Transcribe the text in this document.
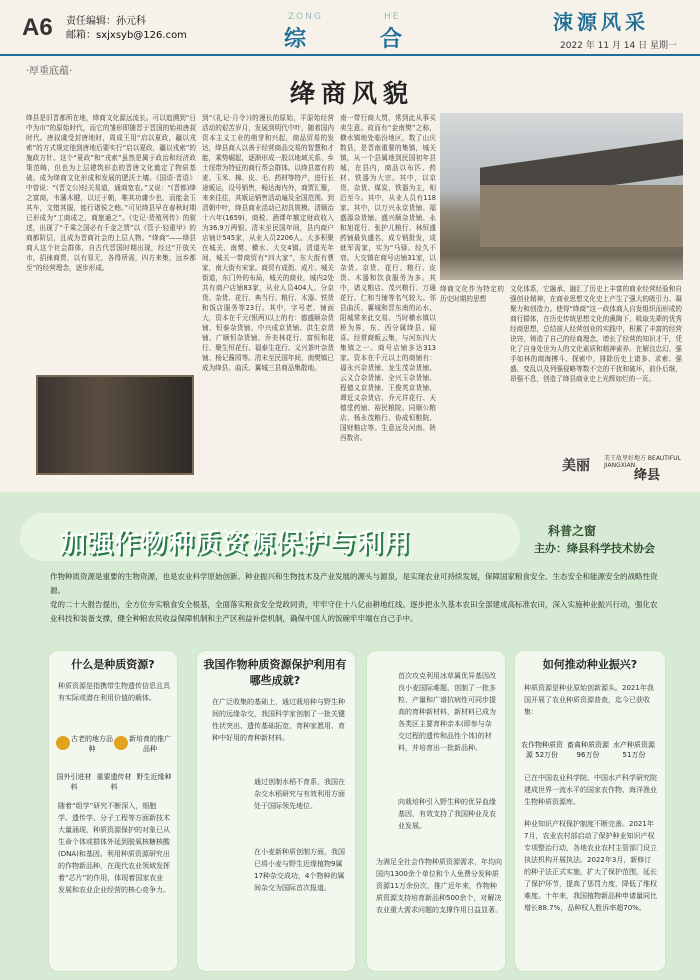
A6 责任编辑：孙元科
邮箱：sxjxsyb@126.com
ZONG	HE
综	合
涑源风采
2022 年 11 月 14 日 星期一
·厚重底蕴·
绛商风貌
绛县是旧晋都所在地，绛商文化源远流长。可以追溯到“日中为市”的原始时代，而它的雏形即随晋于晋国的始祖唐叔时代。唐叔虞受封唐地时，周成王用“启以夏政，疆以戎索”的方式规定他到唐地后要实行“启以夏政，疆以戎索”的施政方针。这个“夏政”和“戎索”虽然是属于政治和经济政策范畴，但也为上层建筑形态的晋唐文化奠定了物质基础，成为绛商文化形成和发展的肥沃土壤。《国语·晋语》中曾说：“(晋文公)轻关易道，通商宽农。”又说：“(晋都)绛之富商，韦藩木楗，以过于朝，唯其功庸少也，而能金玉其车，文错其服，能行诸侯之贿。”可见绛县早在春秋时期已形成为“工商成之，商旅通之”。《史记·货殖列传》的叙述，出现了“千乘之国必有千金之贾”以《管子·轻重甲》的商都阶层，且成为晋商社会的上层人物。“绛商”——绛县商人这个社会群体，自古代晋国时期出现，经过“开放关市，招徕商贾，以有易无，各得所需，四方来集，远乡都至”的经营理念，逐步形成。
到“《礼记·月令》)的漫长的原始，平原始经营活动的艰苦岁月，发展到明代中叶，随着国内资本主义工业的萌芽和兴起，商品贸易的发达，绛县商人以善于经营商品交易的智慧和才能，乘势崛起，逐渐形成一股以地域关系、乡土纽带为特征的商行帮会群体。以绛县富有的麦、玉米、棉、皮、毛、药材等特产，进行长途贩运，设号销售，畅达海内外，商贾汇聚，来来往往，其贩运销售活动遍及全国范围。到清朝中叶，绛县商业活动已初具规模。清顺治十六年(1659)，商税、酒课年额定财政收入为36.9万两银。清末至民国年间，县内商户店铺计545家，从业人员2206人。大多积聚在城关、南樊、横水、大交4镇。清道光年间，城关一带商贸有“四大家”，东大街有曹家，南大街有宋家。商贸有成街、成片。城关街道，东门外的布局，城关的商业，城内2处共有商户店铺83家，从业人员404人。分京货、杂货、花行、典当行、粮行、木器、铁货和饭店服务等23行。其中，字号老、铺面大，资本在千元(银两)以上的有：德盛顺杂货铺、恒泰杂货铺、中兴成京货铺、洪生京货铺、广顺恒杂货铺、乔美林花行、富恒和花行、聚生恒花行、福泰生花行、义兴茶叶杂货铺、杨记酱园等。清末至民国年间，南樊镇已成为绛县、曲沃、翼城三县商品集散地。
南一带行商大贾，常到此从事买卖生意。故而有“金南樊”之称，横水镇地处临汾地区，数了山庆数县，是晋南重要的集镇，城关镇，从一个县属地到民国初年县城，在县内，商品以布匹、药材、铁器为大宗。其中，以京货、杂货、煤炭、铁器为主，相沿至今。其中，从业人员有118家。其中，以万兴永京货铺、福盛源杂货铺、盛兴顺杂货铺、永和旭花行、张护儿粮行、林恒盛药铺最负盛名，成专销批发，成就军需家，实为“马驿。经久不衰。大交镇在商号店铺31家，以杂货、京货、花行、粮行、皮货、木器和饮食服务为多。其中，诸义粮店、茂兴粮行、万通花行、仁和当铺等名气较大。邻县曲沃、翼城和晋东南的沁水、阳城常来此交易。当时横水镇以桥为界，东、西分属绛县、闻喜。经常商贩云集，与河东四大集镇之一。商号店铺多达313家。资本在千元以上的商铺有：福永兴杂货铺、龙生茂杂货铺、云义合杂货铺、全兴玉杂货铺、程德义京货铺、王俊英京货铺、谭近义杂货店、乔元祥花行、天德堂药铺、裕民粮院、同顺公粮店、杨永茂粮行、协成恒粮院、国财粮店等。生意远及河南、陕西数省。
文化体系，它融承、融汇了历史上丰富的商业经营经验和自强创业精神，在商业思想文化史上产生了强大的吸引力、凝聚力和创造力。使得“绛商”这一政体商人自发组织而形成的商行群体，在历史传统思想文化的熏陶下，吸取先辈的优秀经商思想，总结前人经营创业的实践中，积累了丰富的经营诀窍，铸造了自己的经商理念，增长了经营的知识才干，凭化了自身处世为人的文化素质和精神素养。在解良忠幻、强手如林的商海搏斗、探索中，排除历史上诸多、求索、强盛、变乱以及列强侵略等数不完的干扰和破坏，前仆后继，昂强不息，创造了绛县商业史上光辉如烂的一页。
绛商文化作为特定的历史时期的思想
美丽 美王故里好地方 BEAUTIFUL JIANGXIAN
绛县
加强作物种质资源保护与利用	科普之窗
主办：绛县科学技术协会

作物种质资源是重要的生物资源，也是农业科学原始创新、种业振兴和生物技术及产业发展的源头与源泉，是实现农业可持续发展，保障国家粮食安全、生态安全和能源安全的战略性资源。

党的二十大报告提出，全方位夯实粮食安全根基，全面落实粮食安全党政同责，牢牢守住十八亿亩耕地红线。逐步把永久基本农田全部建成高标准农田，深入实施种业振兴行动，强化农业科技和装备支撑，健全种粮农民收益保障机制和主产区利益补偿机制，确保中国人的饭碗牢牢端在自己手中。

什么是种质资源?
种质资源是指携带生物遗传信息且具有实际或潜在利用价值的载体。
古老的地方品种
新培育的推广品种
国外引进材料
重要遗传材料
野生近缘种
随着“组学”研究不断深入，细胞学、遗传学、分子工程等方面新技术大量涌现，种质资源保护的对象已从生命个体或群体外延到脱氧核糖核酸(DNA)和基因。利用种质资源研究出的作物新品种，在现代农业领域发挥着“芯片”的作用，体现着国家农业发展和农业企业经营的核心竞争力。
我国作物种质资源保护利用有哪些成就?
在广泛收集的基础上，通过栽培种与野生种间的远缘杂交，我国科学家创制了一批关键性状突出、遗传基础拓宽，育种家愿用、育种中好用的育种新材料。
通过创制水稻不育系，我国在杂交水稻研究与有效利用方面处于国际领先地位。
在小麦新种质创制方面，我国已将小麦与野生近缘植物9属17种杂交成功，4个物种的属间杂交为国际首次报道。
首次攻克利用冰草属优异基因改良小麦国际难题，创制了一批多粒、产量和广谱抗病性可同步提高的育种新材料，新材料已成为各类区主要育种亲本(即参与杂交过程的遗传和品性个体)的材料，并培育出一批新品种。
向栽培种引入野生种的优异血缘基因，有效支持了我国种业及农业发展。
为满足全社会作物种质资源需求，年均向国内1300余个单位和个人免费分发种质资源11万余份次，推广近年来，作物种质资源支持培育新品种500余个，对解决农业重大需求问题的支撑作用日益显著。
如何推动种业振兴?
种质资源是种业原始创新源头。2021年我国开展了农业种质资源普查，迄今已获收集：
农作物种质资源 52万份
畜禽种质资源 96万份
水产种质资源 51万份
已在中国农业科学院、中国水产科学研究院建成世界一流水平的国家农作物、海洋渔业生物种质资源库。
种业知识产权保护制度不断完善。2021年7月，农业农村部启动了保护种业知识产权专项整治行动，各地农业农村主管部门设立执法机构开展执法。2022年3月，新修订的种子法正式实施，扩大了保护范围，延长了保护环节，提高了惩罚力度，降低了维权难度。十年来，我国植物新品种申请量同比增长88.7%，品种权人胜诉率超70%。
